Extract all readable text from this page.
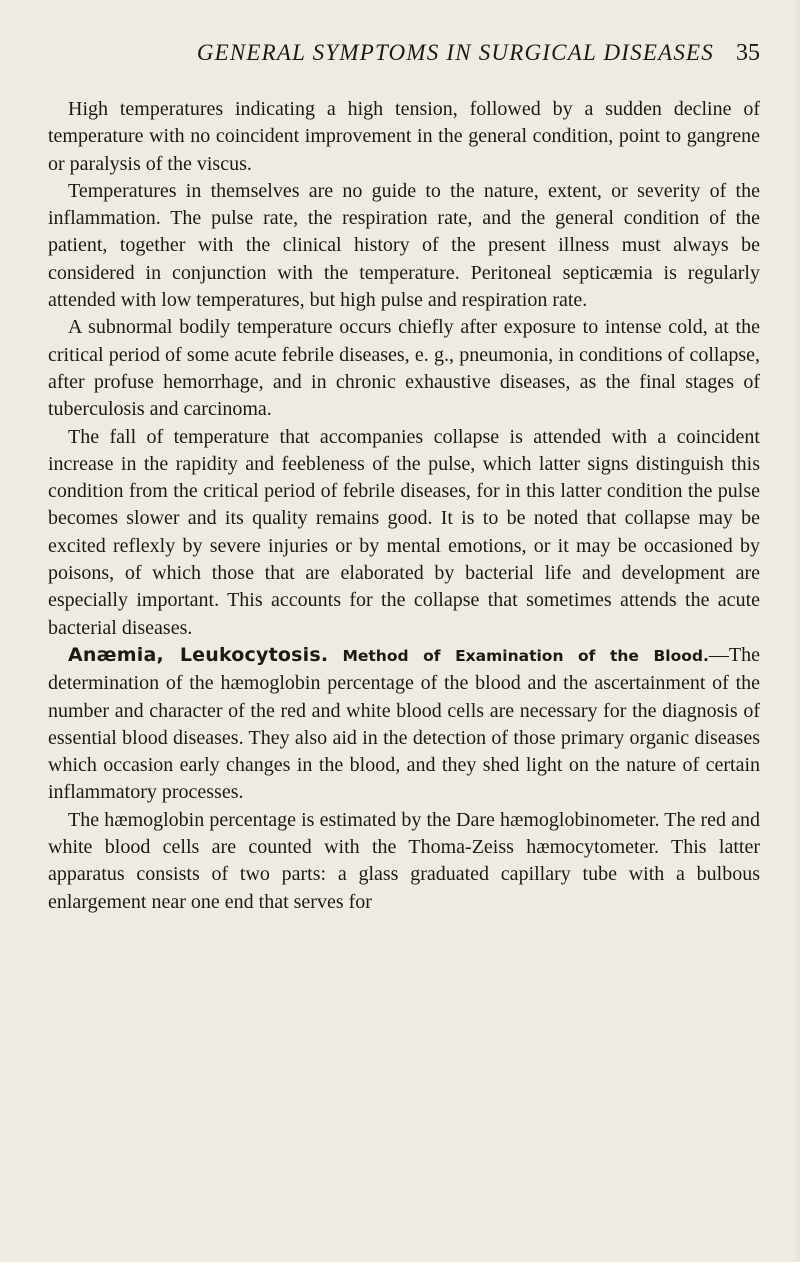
GENERAL SYMPTOMS IN SURGICAL DISEASES 35

High temperatures indicating a high tension, followed by a sudden decline of temperature with no coincident improvement in the general condition, point to gangrene or paralysis of the viscus.

Temperatures in themselves are no guide to the nature, extent, or severity of the inflammation. The pulse rate, the respiration rate, and the general condition of the patient, together with the clinical history of the present illness must always be considered in conjunction with the temperature. Peritoneal septicæmia is regularly attended with low temperatures, but high pulse and respiration rate.

A subnormal bodily temperature occurs chiefly after exposure to intense cold, at the critical period of some acute febrile diseases, e. g., pneumonia, in conditions of collapse, after profuse hemorrhage, and in chronic exhaustive diseases, as the final stages of tuberculosis and carcinoma.

The fall of temperature that accompanies collapse is attended with a coincident increase in the rapidity and feebleness of the pulse, which latter signs distinguish this condition from the critical period of febrile diseases, for in this latter condition the pulse becomes slower and its quality remains good. It is to be noted that collapse may be excited reflexly by severe injuries or by mental emotions, or it may be occasioned by poisons, of which those that are elaborated by bacterial life and development are especially important. This accounts for the collapse that sometimes attends the acute bacterial diseases.

Anæmia, Leukocytosis. Method of Examination of the Blood.—The determination of the hæmoglobin percentage of the blood and the ascertainment of the number and character of the red and white blood cells are necessary for the diagnosis of essential blood diseases. They also aid in the detection of those primary organic diseases which occasion early changes in the blood, and they shed light on the nature of certain inflammatory processes.

The hæmoglobin percentage is estimated by the Dare hæmoglobinometer. The red and white blood cells are counted with the Thoma-Zeiss hæmocytometer. This latter apparatus consists of two parts: a glass graduated capillary tube with a bulbous enlargement near one end that serves for
